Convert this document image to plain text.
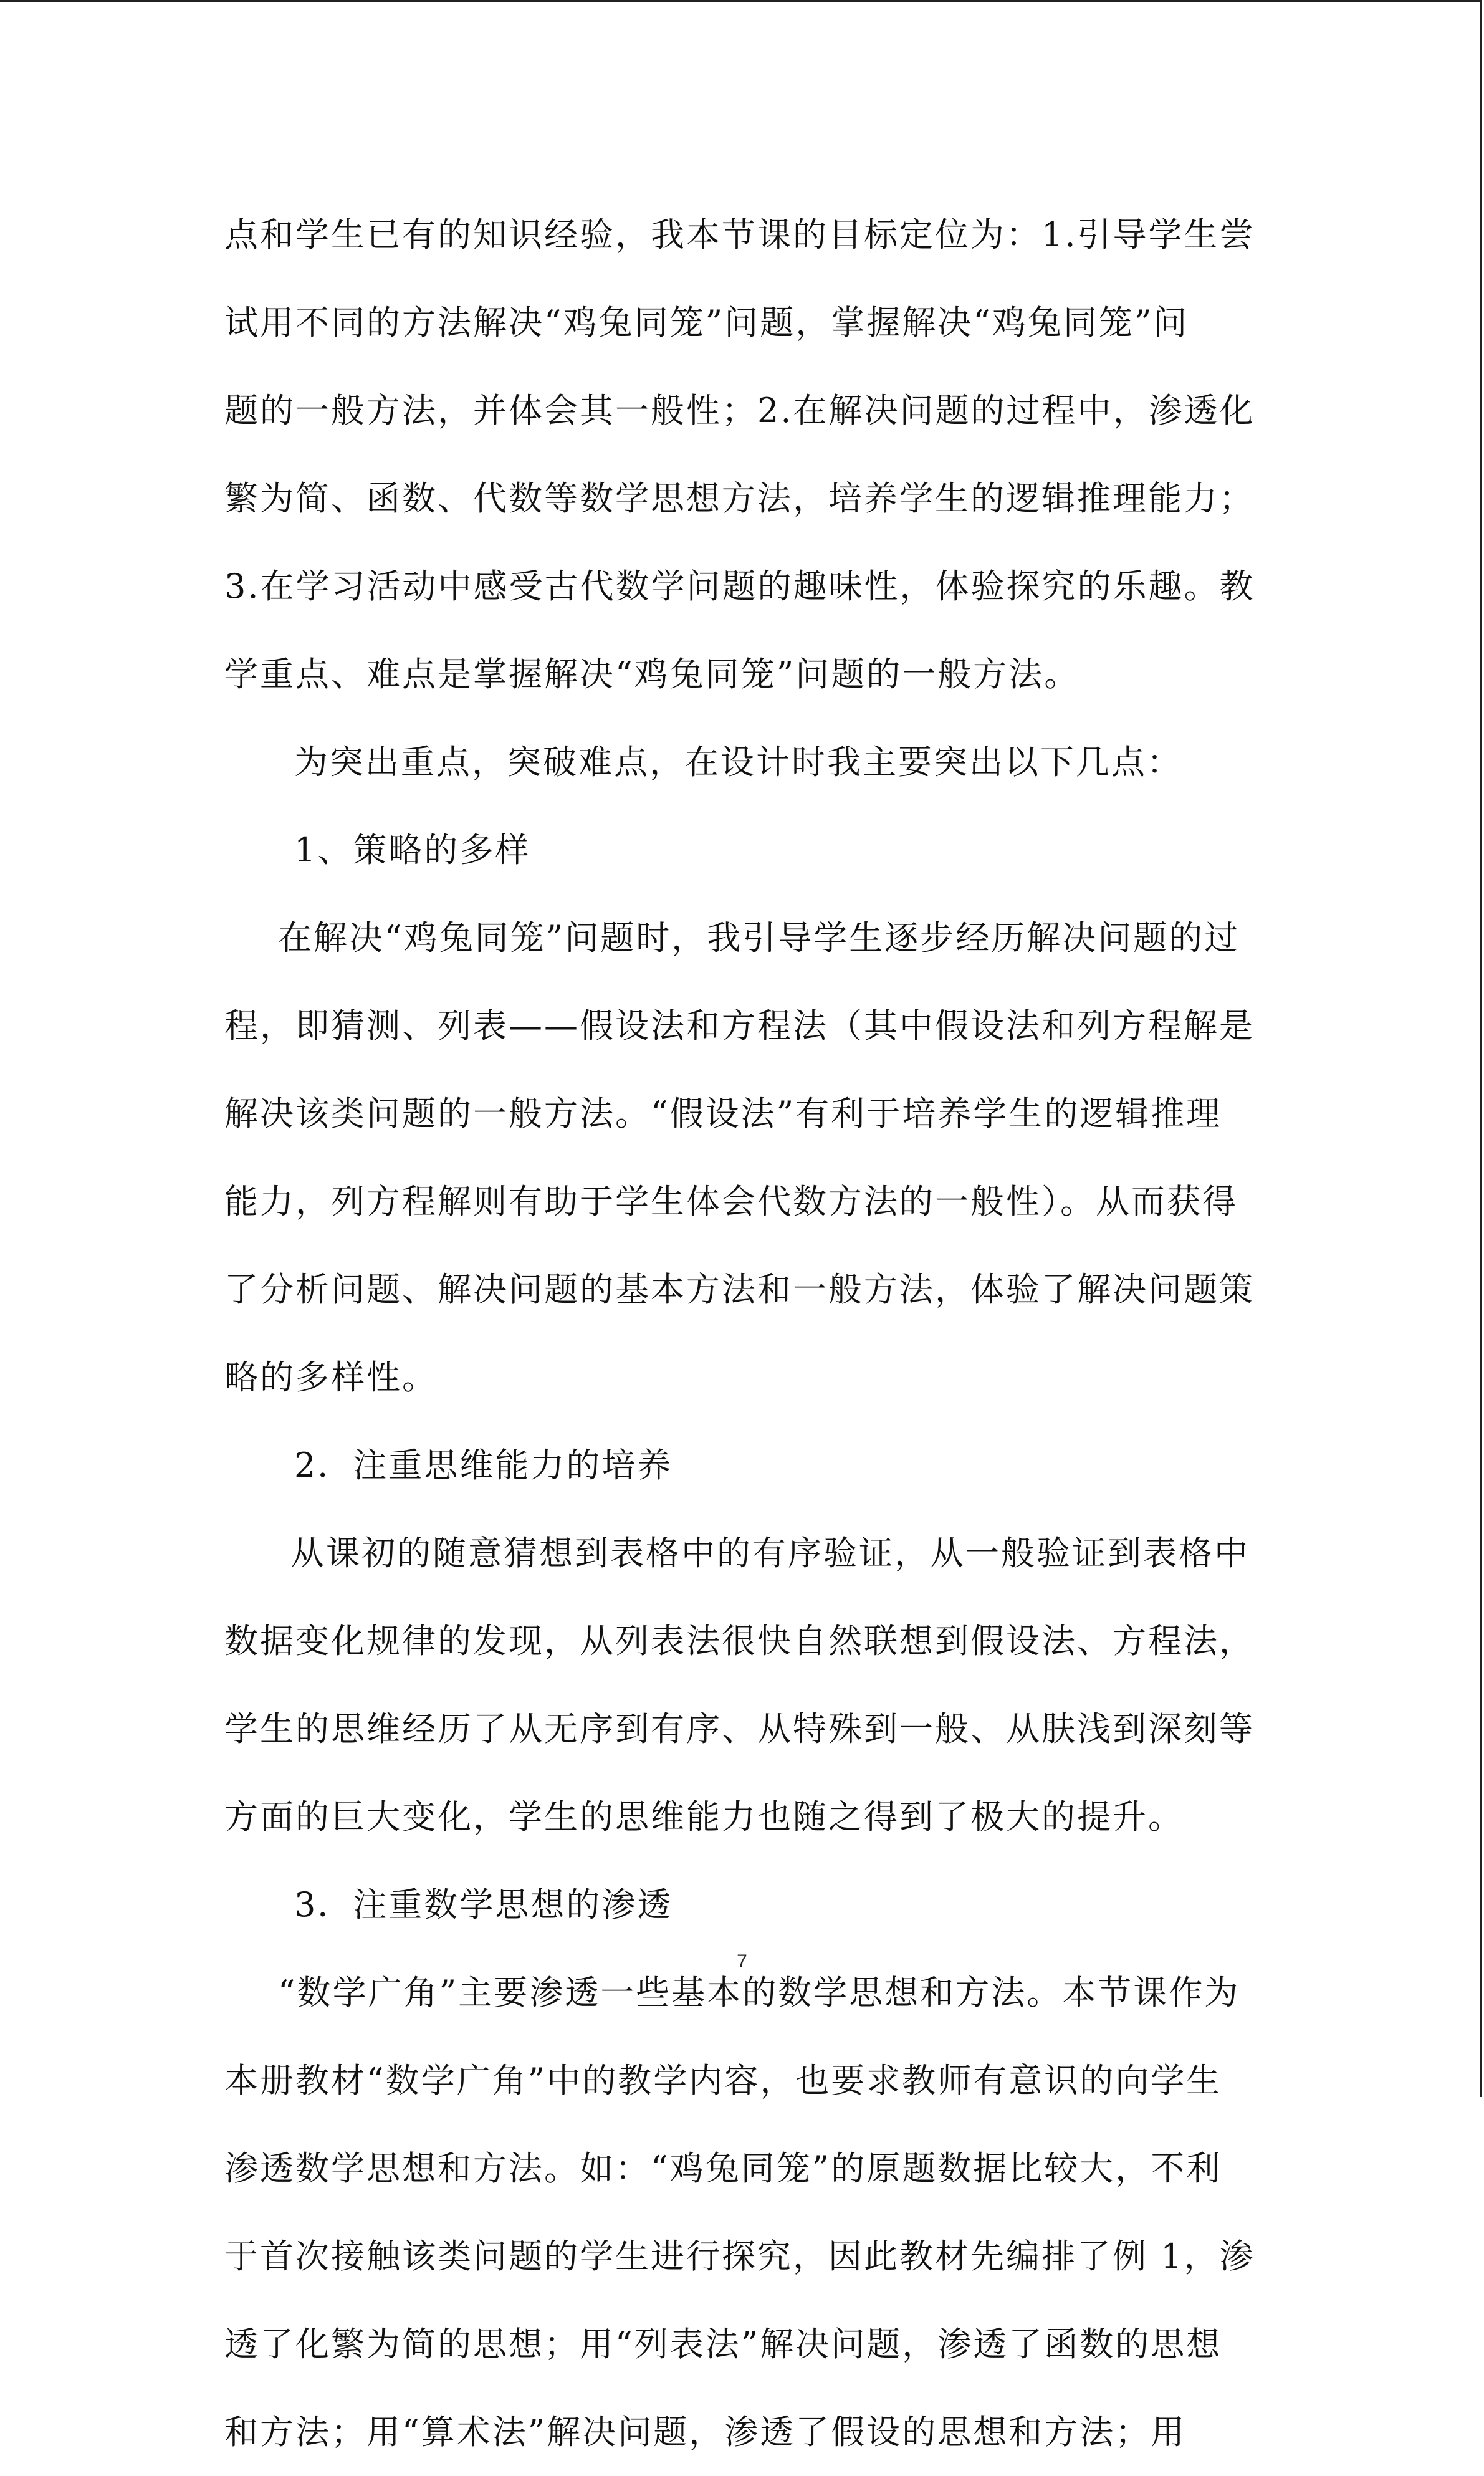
点和学生已有的知识经验，我本节课的目标定位为：1.引导学生尝
试用不同的方法解决“鸡兔同笼”问题，掌握解决“鸡兔同笼”问
题的一般方法，并体会其一般性；2.在解决问题的过程中，渗透化
繁为简、函数、代数等数学思想方法，培养学生的逻辑推理能力；
3.在学习活动中感受古代数学问题的趣味性，体验探究的乐趣。教
学重点、难点是掌握解决“鸡兔同笼”问题的一般方法。
为突出重点，突破难点，在设计时我主要突出以下几点：
1、策略的多样
在解决“鸡兔同笼”问题时，我引导学生逐步经历解决问题的过
程，即猜测、列表——假设法和方程法（其中假设法和列方程解是
解决该类问题的一般方法。“假设法”有利于培养学生的逻辑推理
能力，列方程解则有助于学生体会代数方法的一般性）。从而获得
了分析问题、解决问题的基本方法和一般方法，体验了解决问题策
略的多样性。
2．注重思维能力的培养
从课初的随意猜想到表格中的有序验证，从一般验证到表格中
数据变化规律的发现，从列表法很快自然联想到假设法、方程法，
学生的思维经历了从无序到有序、从特殊到一般、从肤浅到深刻等
方面的巨大变化，学生的思维能力也随之得到了极大的提升。
3．注重数学思想的渗透
“数学广角”主要渗透一些基本的数学思想和方法。本节课作为
本册教材“数学广角”中的教学内容，也要求教师有意识的向学生
渗透数学思想和方法。如：“鸡兔同笼”的原题数据比较大，不利
于首次接触该类问题的学生进行探究，因此教材先编排了例 1，渗
透了化繁为简的思想；用“列表法”解决问题，渗透了函数的思想
和方法；用“算术法”解决问题，渗透了假设的思想和方法；用
7
